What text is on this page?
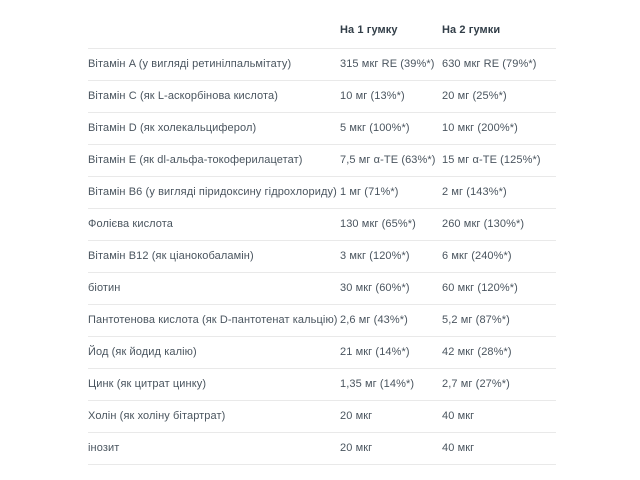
	На 1 гумку	На 2 гумки
Вітамін A (у вигляді ретинілпальмітату)	315 мкг RE (39%*)	630 мкг RE (79%*)
Вітамін C (як L-аскорбінова кислота)	10 мг (13%*)	20 мг (25%*)
Вітамін D (як холекальциферол)	5 мкг (100%*)	10 мкг (200%*)
Вітамін E (як dl-альфа-токоферилацетат)	7,5 мг α-TE (63%*)	15 мг α-TE (125%*)
Вітамін B6 (у вигляді піридоксину гідрохлориду)	1 мг (71%*)	2 мг (143%*)
Фолієва кислота	130 мкг (65%*)	260 мкг (130%*)
Вітамін B12 (як ціанокобаламін)	3 мкг (120%*)	6 мкг (240%*)
біотин	30 мкг (60%*)	60 мкг (120%*)
Пантотенова кислота (як D-пантотенат кальцію)	2,6 мг (43%*)	5,2 мг (87%*)
Йод (як йодид калію)	21 мкг (14%*)	42 мкг (28%*)
Цинк (як цитрат цинку)	1,35 мг (14%*)	2,7 мг (27%*)
Холін (як холіну бітартрат)	20 мкг	40 мкг
інозит	20 мкг	40 мкг
